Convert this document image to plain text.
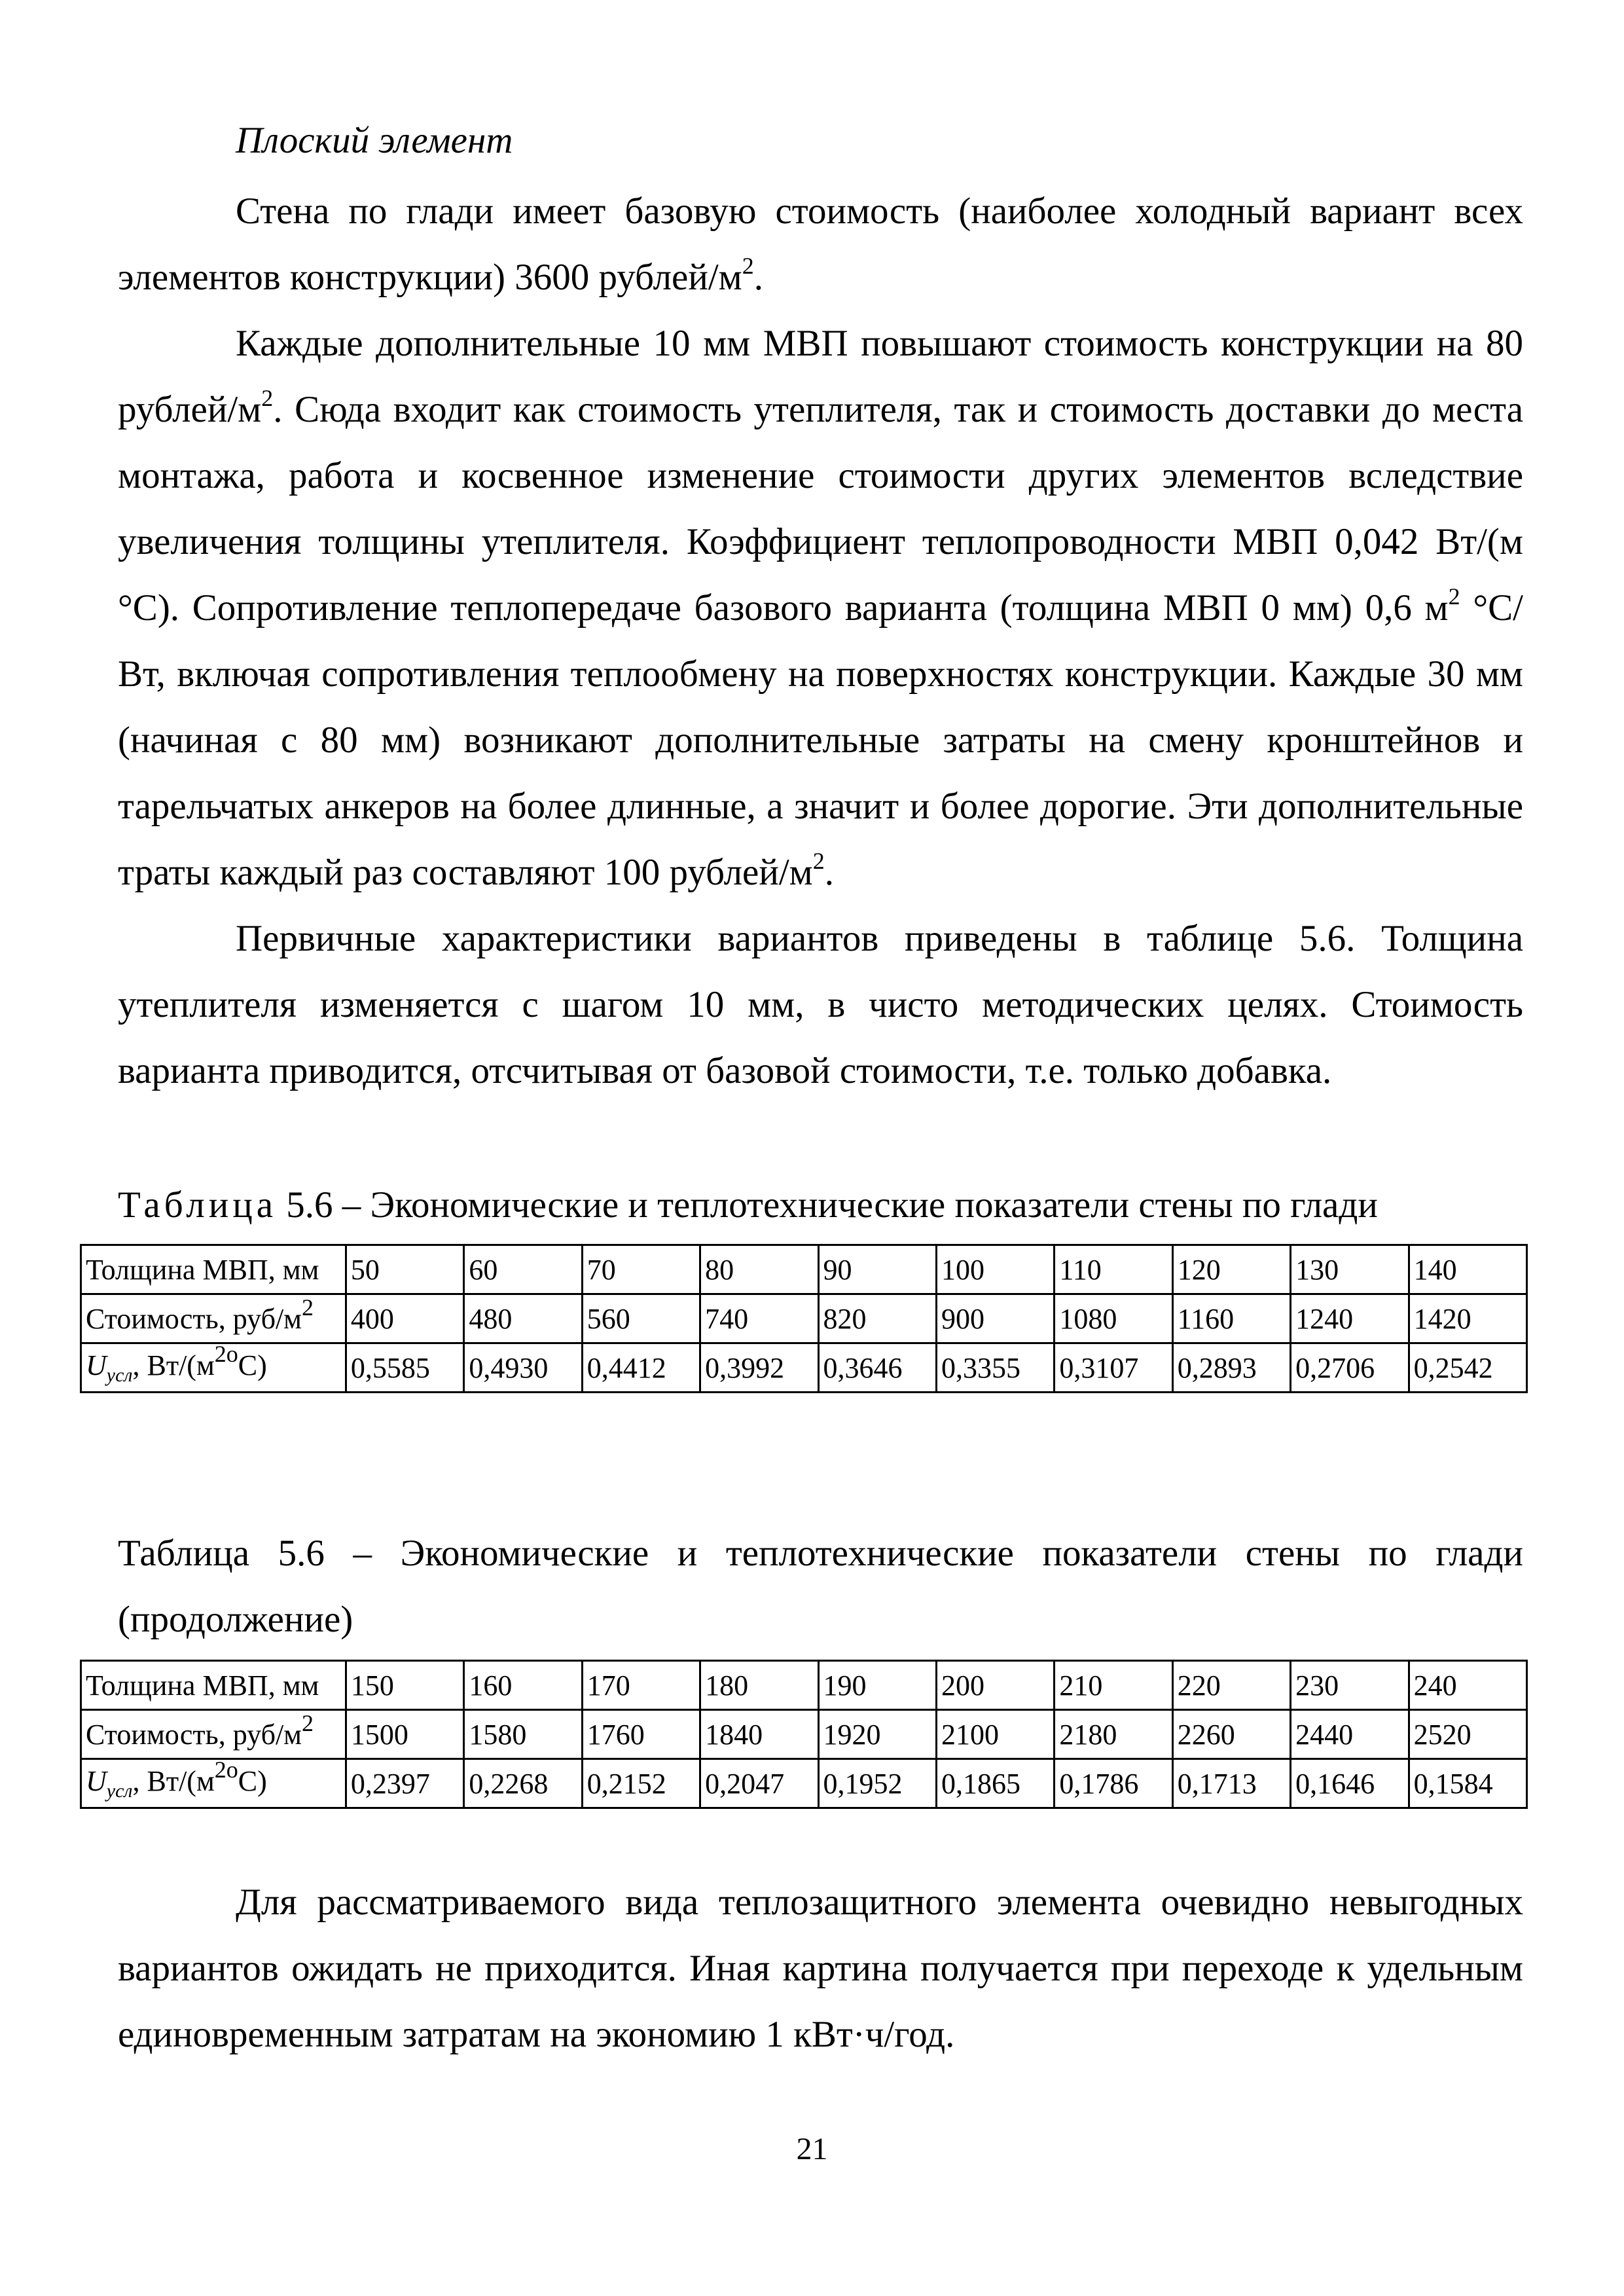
Плоский элемент

Стена по глади имеет базовую стоимость (наиболее холодный вариант всех элементов конструкции) 3600 рублей/$м^2$.
Каждые дополнительные 10 мм МВП повышают стоимость конструкции на 80 рублей/$м^2$. Сюда входит как стоимость утеплителя, так и стоимость доставки до места монтажа, работа и косвенное изменение стоимости других элементов вследствие увеличения толщины утеплителя. Коэффициент теплопроводности МВП 0,042 Вт/(м °С). Сопротивление теплопередаче базового варианта (толщина МВП 0 мм) 0,6 $м^2$ °С/Вт, включая сопротивления теплообмену на поверхностях конструкции. Каждые 30 мм (начиная с 80 мм) возникают дополнительные затраты на смену кронштейнов и тарельчатых анкеров на более длинные, а значит и более дорогие. Эти дополнительные траты каждый раз составляют 100 рублей/$м^2$.
Первичные характеристики вариантов приведены в таблице 5.6. Толщина утеплителя изменяется с шагом 10 мм, в чисто методических целях. Стоимость варианта приводится, отсчитывая от базовой стоимости, т.е. только добавка.

Таблица 5.6 – Экономические и теплотехнические показатели стены по глади

Толщина МВП, мм	50	60	70	80	90	100	110	120	130	140
Стоимость, руб/$м^2$	400	480	560	740	820	900	1080	1160	1240	1420
$U_{усл}$, $Вт/(м^{2о}С)$	0,5585	0,4930	0,4412	0,3992	0,3646	0,3355	0,3107	0,2893	0,2706	0,2542

Таблица 5.6 – Экономические и теплотехнические показатели стены по глади (продолжение)

Толщина МВП, мм	150	160	170	180	190	200	210	220	230	240
Стоимость, руб/$м^2$	1500	1580	1760	1840	1920	2100	2180	2260	2440	2520
$U_{усл}$, $Вт/(м^{2о}С)$	0,2397	0,2268	0,2152	0,2047	0,1952	0,1865	0,1786	0,1713	0,1646	0,1584
Для рассматриваемого вида теплозащитного элемента очевидно невыгодных вариантов ожидать не приходится. Иная картина получается при переходе к удельным единовременным затратам на экономию 1 кВт·ч/год.

21
